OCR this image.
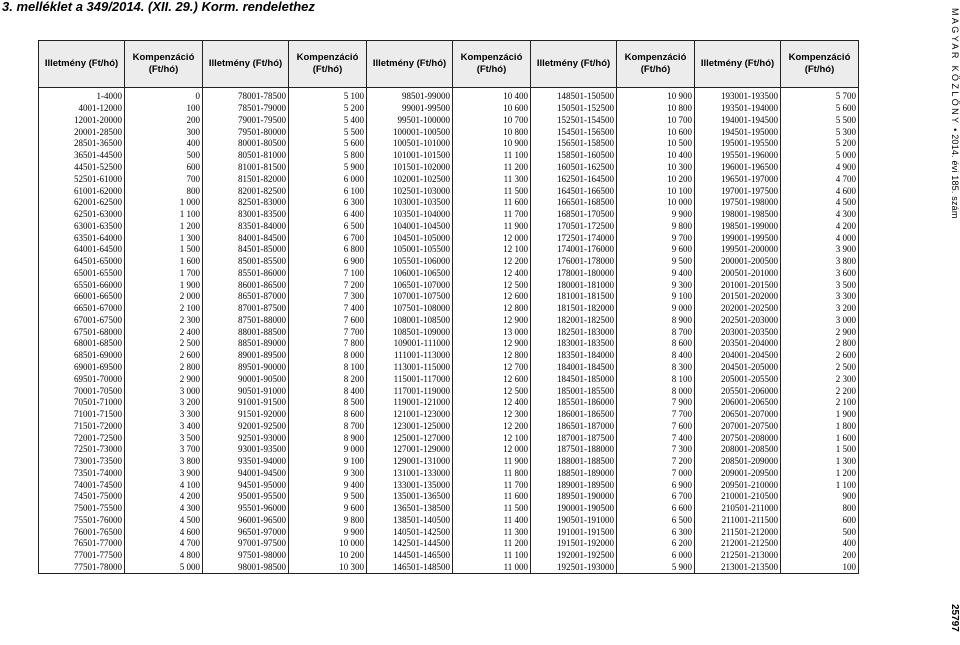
3. melléklet a 349/2014. (XII. 29.) Korm. rendelethez
Illetmény (Ft/hó)	Kompenzáció (Ft/hó)	Illetmény (Ft/hó)	Kompenzáció (Ft/hó)	Illetmény (Ft/hó)	Kompenzáció (Ft/hó)	Illetmény (Ft/hó)	Kompenzáció (Ft/hó)	Illetmény (Ft/hó)	Kompenzáció (Ft/hó)
1-4000	0	78001-78500	5 100	98501-99000	10 400	148501-150500	10 900	193001-193500	5 700
4001-12000	100	78501-79000	5 200	99001-99500	10 600	150501-152500	10 800	193501-194000	5 600
12001-20000	200	79001-79500	5 400	99501-100000	10 700	152501-154500	10 700	194001-194500	5 500
20001-28500	300	79501-80000	5 500	100001-100500	10 800	154501-156500	10 600	194501-195000	5 300
28501-36500	400	80001-80500	5 600	100501-101000	10 900	156501-158500	10 500	195001-195500	5 200
36501-44500	500	80501-81000	5 800	101001-101500	11 100	158501-160500	10 400	195501-196000	5 000
44501-52500	600	81001-81500	5 900	101501-102000	11 200	160501-162500	10 300	196001-196500	4 900
52501-61000	700	81501-82000	6 000	102001-102500	11 300	162501-164500	10 200	196501-197000	4 700
61001-62000	800	82001-82500	6 100	102501-103000	11 500	164501-166500	10 100	197001-197500	4 600
62001-62500	1 000	82501-83000	6 300	103001-103500	11 600	166501-168500	10 000	197501-198000	4 500
62501-63000	1 100	83001-83500	6 400	103501-104000	11 700	168501-170500	9 900	198001-198500	4 300
63001-63500	1 200	83501-84000	6 500	104001-104500	11 900	170501-172500	9 800	198501-199000	4 200
63501-64000	1 300	84001-84500	6 700	104501-105000	12 000	172501-174000	9 700	199001-199500	4 000
64001-64500	1 500	84501-85000	6 800	105001-105500	12 100	174001-176000	9 600	199501-200000	3 900
64501-65000	1 600	85001-85500	6 900	105501-106000	12 200	176001-178000	9 500	200001-200500	3 800
65001-65500	1 700	85501-86000	7 100	106001-106500	12 400	178001-180000	9 400	200501-201000	3 600
65501-66000	1 900	86001-86500	7 200	106501-107000	12 500	180001-181000	9 300	201001-201500	3 500
66001-66500	2 000	86501-87000	7 300	107001-107500	12 600	181001-181500	9 100	201501-202000	3 300
66501-67000	2 100	87001-87500	7 400	107501-108000	12 800	181501-182000	9 000	202001-202500	3 200
67001-67500	2 300	87501-88000	7 600	108001-108500	12 900	182001-182500	8 900	202501-203000	3 000
67501-68000	2 400	88001-88500	7 700	108501-109000	13 000	182501-183000	8 700	203001-203500	2 900
68001-68500	2 500	88501-89000	7 800	109001-111000	12 900	183001-183500	8 600	203501-204000	2 800
68501-69000	2 600	89001-89500	8 000	111001-113000	12 800	183501-184000	8 400	204001-204500	2 600
69001-69500	2 800	89501-90000	8 100	113001-115000	12 700	184001-184500	8 300	204501-205000	2 500
69501-70000	2 900	90001-90500	8 200	115001-117000	12 600	184501-185000	8 100	205001-205500	2 300
70001-70500	3 000	90501-91000	8 400	117001-119000	12 500	185001-185500	8 000	205501-206000	2 200
70501-71000	3 200	91001-91500	8 500	119001-121000	12 400	185501-186000	7 900	206001-206500	2 100
71001-71500	3 300	91501-92000	8 600	121001-123000	12 300	186001-186500	7 700	206501-207000	1 900
71501-72000	3 400	92001-92500	8 700	123001-125000	12 200	186501-187000	7 600	207001-207500	1 800
72001-72500	3 500	92501-93000	8 900	125001-127000	12 100	187001-187500	7 400	207501-208000	1 600
72501-73000	3 700	93001-93500	9 000	127001-129000	12 000	187501-188000	7 300	208001-208500	1 500
73001-73500	3 800	93501-94000	9 100	129001-131000	11 900	188001-188500	7 200	208501-209000	1 300
73501-74000	3 900	94001-94500	9 300	131001-133000	11 800	188501-189000	7 000	209001-209500	1 200
74001-74500	4 100	94501-95000	9 400	133001-135000	11 700	189001-189500	6 900	209501-210000	1 100
74501-75000	4 200	95001-95500	9 500	135001-136500	11 600	189501-190000	6 700	210001-210500	900
75001-75500	4 300	95501-96000	9 600	136501-138500	11 500	190001-190500	6 600	210501-211000	800
75501-76000	4 500	96001-96500	9 800	138501-140500	11 400	190501-191000	6 500	211001-211500	600
76001-76500	4 600	96501-97000	9 900	140501-142500	11 300	191001-191500	6 300	211501-212000	500
76501-77000	4 700	97001-97500	10 000	142501-144500	11 200	191501-192000	6 200	212001-212500	400
77001-77500	4 800	97501-98000	10 200	144501-146500	11 100	192001-192500	6 000	212501-213000	200
77501-78000	5 000	98001-98500	10 300	146501-148500	11 000	192501-193000	5 900	213001-213500	100
MAGYAR KÖZLÖNY • 2014. évi 185. szám
25797
